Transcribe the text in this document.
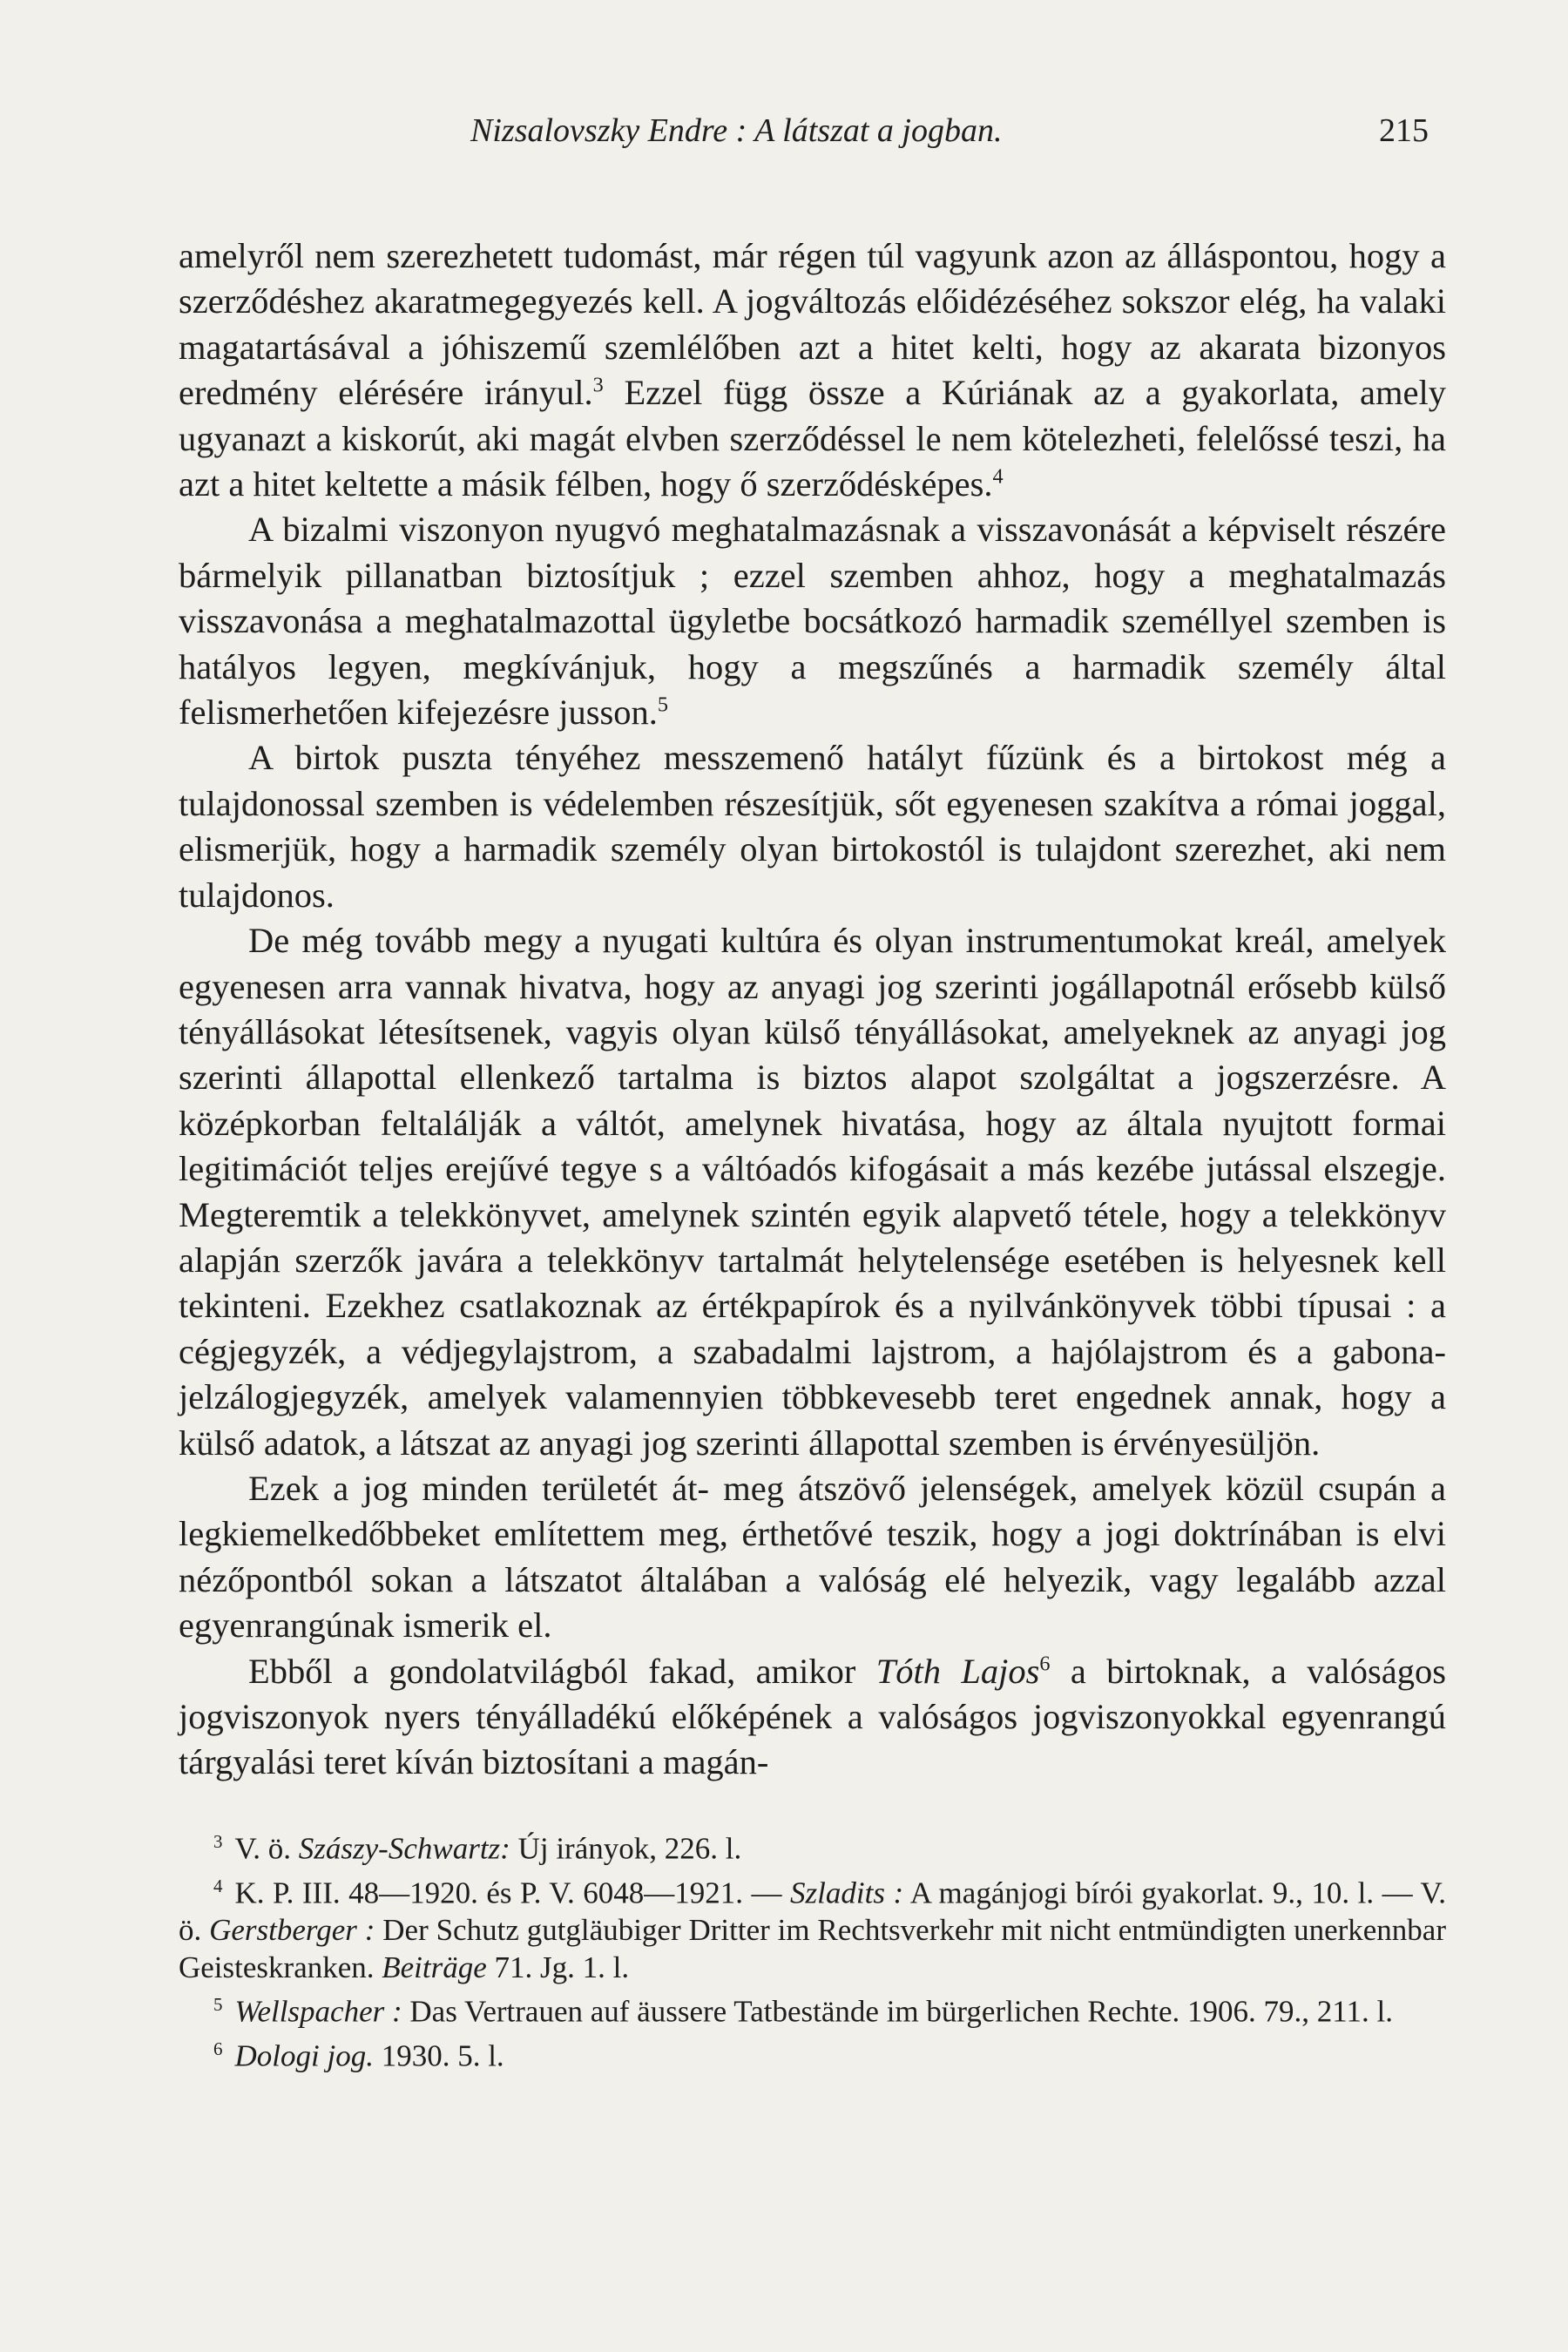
Nizsalovszky Endre : A látszat a jogban.	215

amelyről nem szerezhetett tudomást, már régen túl vagyunk azon az álláspontou, hogy a szerződéshez akaratmegegyezés kell. A jogváltozás előidézéséhez sokszor elég, ha valaki magatartásával a jóhiszemű szemlélőben azt a hitet kelti, hogy az akarata bizonyos eredmény elérésére irányul.$^3$ Ezzel függ össze a Kúriának az a gyakorlata, amely ugyanazt a kiskorút, aki magát elvben szerződéssel le nem kötelezheti, felelőssé teszi, ha azt a hitet keltette a másik félben, hogy ő szerződésképes.$^4$

A bizalmi viszonyon nyugvó meghatalmazásnak a visszavonását a képviselt részére bármelyik pillanatban biztosítjuk ; ezzel szemben ahhoz, hogy a meghatalmazás visszavonása a meghatalmazottal ügyletbe bocsátkozó harmadik személlyel szemben is hatályos legyen, megkívánjuk, hogy a megszűnés a harmadik személy által felismerhetően kifejezésre jusson.$^5$

A birtok puszta tényéhez messzemenő hatályt fűzünk és a birtokost még a tulajdonossal szemben is védelemben részesítjük, sőt egyenesen szakítva a római joggal, elismerjük, hogy a harmadik személy olyan birtokostól is tulajdont szerezhet, aki nem tulajdonos.

De még tovább megy a nyugati kultúra és olyan instrumentumokat kreál, amelyek egyenesen arra vannak hivatva, hogy az anyagi jog szerinti jogállapotnál erősebb külső tényállásokat létesítsenek, vagyis olyan külső tényállásokat, amelyeknek az anyagi jog szerinti állapottal ellenkező tartalma is biztos alapot szolgáltat a jogszerzésre. A középkorban feltalálják a váltót, amelynek hivatása, hogy az általa nyujtott formai legitimációt teljes erejűvé tegye s a váltóadós kifogásait a más kezébe jutással elszegje. Megteremtik a telekkönyvet, amelynek szintén egyik alapvető tétele, hogy a telekkönyv alapján szerzők javára a telekkönyv tartalmát helytelensége esetében is helyesnek kell tekinteni. Ezekhez csatlakoznak az értékpapírok és a nyilvánkönyvek többi típusai : a cégjegyzék, a védjegylajstrom, a szabadalmi lajstrom, a hajólajstrom és a gabona-jelzálogjegyzék, amelyek valamennyien többkevesebb teret engednek annak, hogy a külső adatok, a látszat az anyagi jog szerinti állapottal szemben is érvényesüljön.

Ezek a jog minden területét át- meg átszövő jelenségek, amelyek közül csupán a legkiemelkedőbbeket említettem meg, érthetővé teszik, hogy a jogi doktrínában is elvi nézőpontból sokan a látszatot általában a valóság elé helyezik, vagy legalább azzal egyenrangúnak ismerik el.

Ebből a gondolatvilágból fakad, amikor Tóth Lajos$^6$ a birtoknak, a valóságos jogviszonyok nyers tényálladékú előképének a valóságos jogviszonyokkal egyenrangú tárgyalási teret kíván biztosítani a magán-

$^3$ V. ö. Szászy-Schwartz: Új irányok, 226. l.

$^4$ K. P. III. 48—1920. és P. V. 6048—1921. — Szladits : A magánjogi bírói gyakorlat. 9., 10. l. — V. ö. Gerstberger : Der Schutz gutgläubiger Dritter im Rechtsverkehr mit nicht entmündigten unerkennbar Geisteskranken. Beiträge 71. Jg. 1. l.

$^5$ Wellspacher : Das Vertrauen auf äussere Tatbestände im bürgerlichen Rechte. 1906. 79., 211. l.

$^6$ Dologi jog. 1930. 5. l.
